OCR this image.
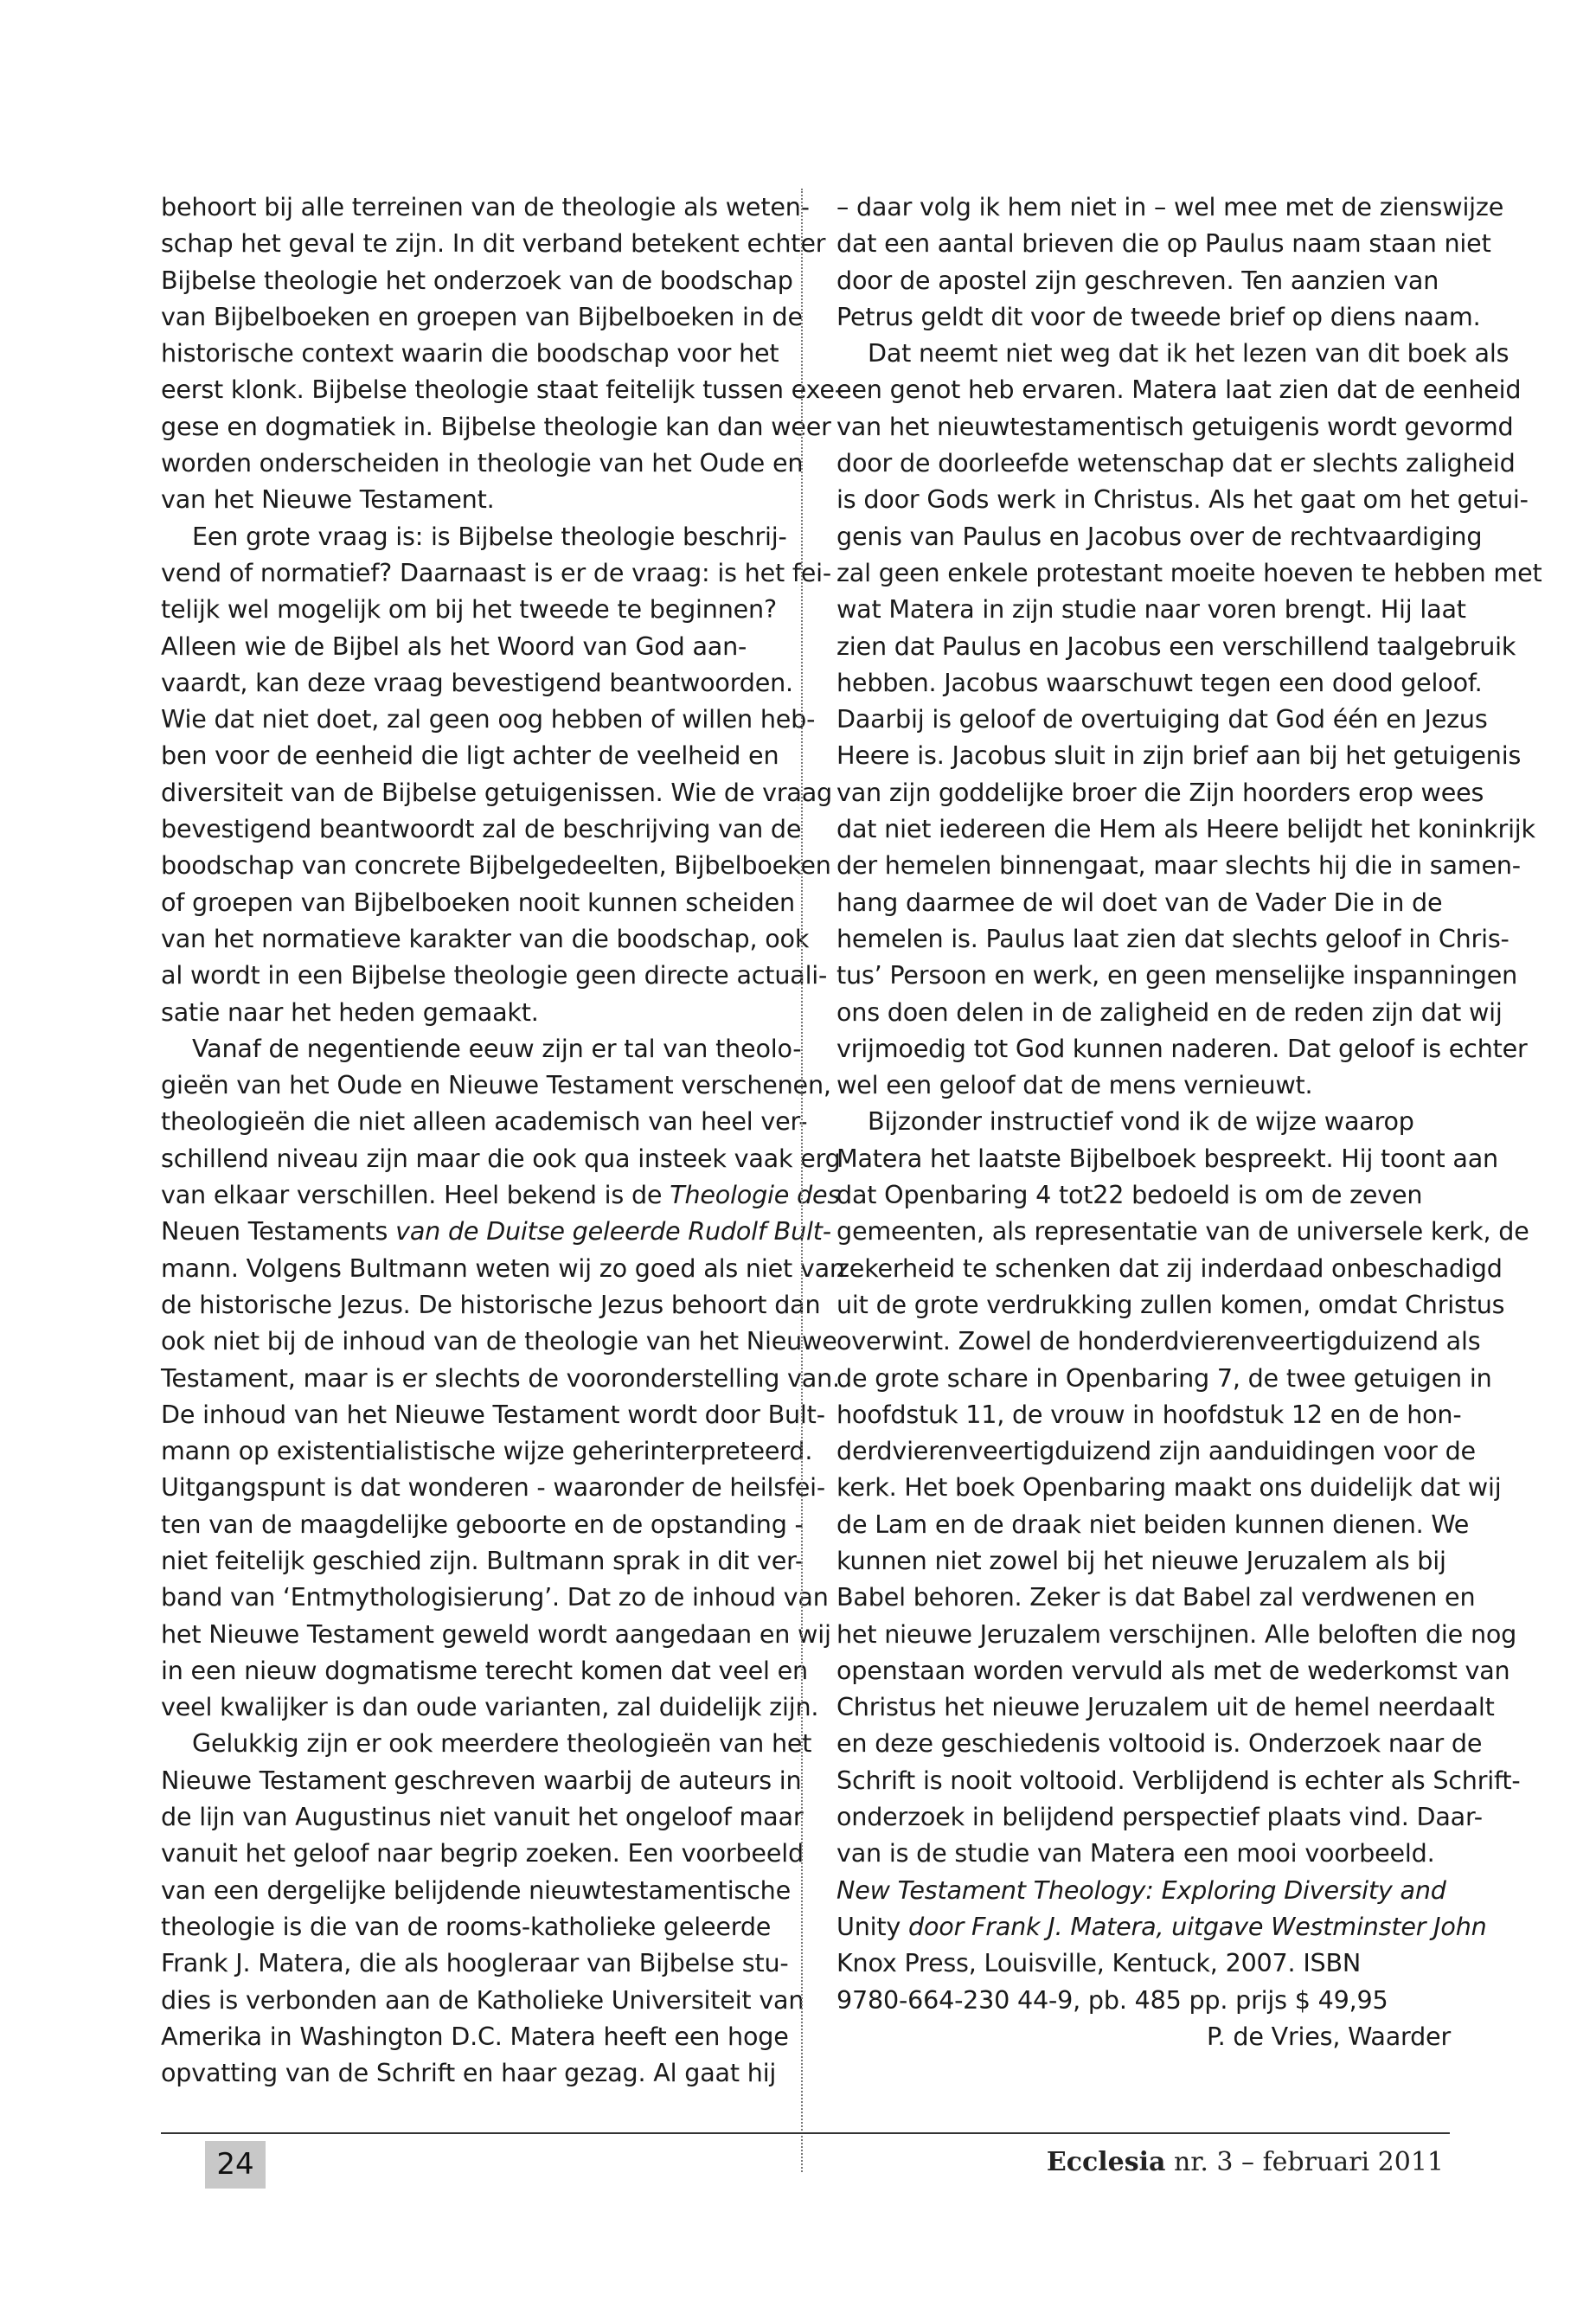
behoort bij alle terreinen van de theologie als weten-
schap het geval te zijn. In dit verband betekent echter
Bijbelse theologie het onderzoek van de boodschap
van Bijbelboeken en groepen van Bijbelboeken in de
historische context waarin die boodschap voor het
eerst klonk. Bijbelse theologie staat feitelijk tussen exe-
gese en dogmatiek in. Bijbelse theologie kan dan weer
worden onderscheiden in theologie van het Oude en
van het Nieuwe Testament.

Een grote vraag is: is Bijbelse theologie beschrij-
vend of normatief? Daarnaast is er de vraag: is het fei-
telijk wel mogelijk om bij het tweede te beginnen?
Alleen wie de Bijbel als het Woord van God aan-
vaardt, kan deze vraag bevestigend beantwoorden.
Wie dat niet doet, zal geen oog hebben of willen heb-
ben voor de eenheid die ligt achter de veelheid en
diversiteit van de Bijbelse getuigenissen. Wie de vraag
bevestigend beantwoordt zal de beschrijving van de
boodschap van concrete Bijbelgedeelten, Bijbelboeken
of groepen van Bijbelboeken nooit kunnen scheiden
van het normatieve karakter van die boodschap, ook
al wordt in een Bijbelse theologie geen directe actuali-
satie naar het heden gemaakt.

Vanaf de negentiende eeuw zijn er tal van theolo-
gieën van het Oude en Nieuwe Testament verschenen,
theologieën die niet alleen academisch van heel ver-
schillend niveau zijn maar die ook qua insteek vaak erg
van elkaar verschillen. Heel bekend is de Theologie des
Neuen Testaments van de Duitse geleerde Rudolf Bult-
mann. Volgens Bultmann weten wij zo goed als niet van
de historische Jezus. De historische Jezus behoort dan
ook niet bij de inhoud van de theologie van het Nieuwe
Testament, maar is er slechts de vooronderstelling van.
De inhoud van het Nieuwe Testament wordt door Bult-
mann op existentialistische wijze geherinterpreteerd.
Uitgangspunt is dat wonderen - waaronder de heilsfei-
ten van de maagdelijke geboorte en de opstanding -
niet feitelijk geschied zijn. Bultmann sprak in dit ver-
band van ‘Entmythologisierung’. Dat zo de inhoud van
het Nieuwe Testament geweld wordt aangedaan en wij
in een nieuw dogmatisme terecht komen dat veel en
veel kwalijker is dan oude varianten, zal duidelijk zijn.

Gelukkig zijn er ook meerdere theologieën van het
Nieuwe Testament geschreven waarbij de auteurs in
de lijn van Augustinus niet vanuit het ongeloof maar
vanuit het geloof naar begrip zoeken. Een voorbeeld
van een dergelijke belijdende nieuwtestamentische
theologie is die van de rooms-katholieke geleerde
Frank J. Matera, die als hoogleraar van Bijbelse stu-
dies is verbonden aan de Katholieke Universiteit van
Amerika in Washington D.C. Matera heeft een hoge
opvatting van de Schrift en haar gezag. Al gaat hij

– daar volg ik hem niet in – wel mee met de zienswijze
dat een aantal brieven die op Paulus naam staan niet
door de apostel zijn geschreven. Ten aanzien van
Petrus geldt dit voor de tweede brief op diens naam.

Dat neemt niet weg dat ik het lezen van dit boek als
een genot heb ervaren. Matera laat zien dat de eenheid
van het nieuwtestamentisch getuigenis wordt gevormd
door de doorleefde wetenschap dat er slechts zaligheid
is door Gods werk in Christus. Als het gaat om het getui-
genis van Paulus en Jacobus over de rechtvaardiging
zal geen enkele protestant moeite hoeven te hebben met
wat Matera in zijn studie naar voren brengt. Hij laat
zien dat Paulus en Jacobus een verschillend taalgebruik
hebben. Jacobus waarschuwt tegen een dood geloof.
Daarbij is geloof de overtuiging dat God één en Jezus
Heere is. Jacobus sluit in zijn brief aan bij het getuigenis
van zijn goddelijke broer die Zijn hoorders erop wees
dat niet iedereen die Hem als Heere belijdt het koninkrijk
der hemelen binnengaat, maar slechts hij die in samen-
hang daarmee de wil doet van de Vader Die in de
hemelen is. Paulus laat zien dat slechts geloof in Chris-
tus’ Persoon en werk, en geen menselijke inspanningen
ons doen delen in de zaligheid en de reden zijn dat wij
vrijmoedig tot God kunnen naderen. Dat geloof is echter
wel een geloof dat de mens vernieuwt.

Bijzonder instructief vond ik de wijze waarop
Matera het laatste Bijbelboek bespreekt. Hij toont aan
dat Openbaring 4 tot22 bedoeld is om de zeven
gemeenten, als representatie van de universele kerk, de
zekerheid te schenken dat zij inderdaad onbeschadigd
uit de grote verdrukking zullen komen, omdat Christus
overwint. Zowel de honderdvierenveertigduizend als
de grote schare in Openbaring 7, de twee getuigen in
hoofdstuk 11, de vrouw in hoofdstuk 12 en de hon-
derdvierenveertigduizend zijn aanduidingen voor de
kerk. Het boek Openbaring maakt ons duidelijk dat wij
de Lam en de draak niet beiden kunnen dienen. We
kunnen niet zowel bij het nieuwe Jeruzalem als bij
Babel behoren. Zeker is dat Babel zal verdwenen en
het nieuwe Jeruzalem verschijnen. Alle beloften die nog
openstaan worden vervuld als met de wederkomst van
Christus het nieuwe Jeruzalem uit de hemel neerdaalt
en deze geschiedenis voltooid is. Onderzoek naar de
Schrift is nooit voltooid. Verblijdend is echter als Schrift-
onderzoek in belijdend perspectief plaats vind. Daar-
van is de studie van Matera een mooi voorbeeld.

New Testament Theology: Exploring Diversity and
Unity door Frank J. Matera, uitgave Westminster John
Knox Press, Louisville, Kentuck, 2007. ISBN
9780-664-230 44-9, pb. 485 pp. prijs $ 49,95
P. de Vries, Waarder

24	Ecclesia nr. 3 – februari 2011
